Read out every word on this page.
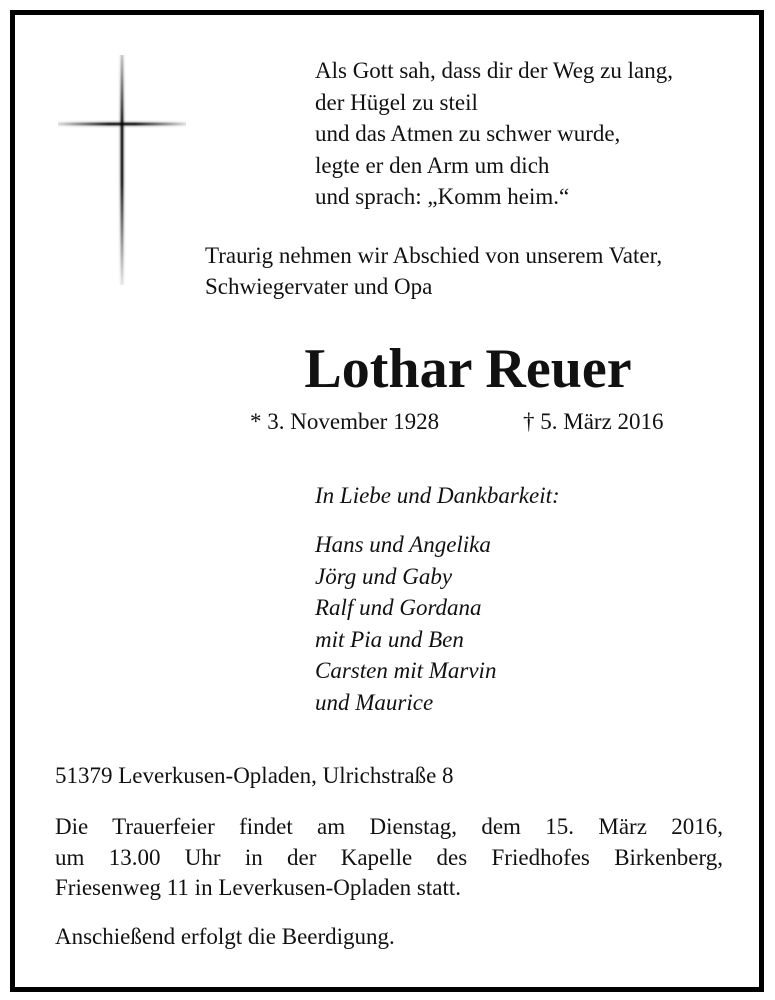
Als Gott sah, dass dir der Weg zu lang,
der Hügel zu steil
und das Atmen zu schwer wurde,
legte er den Arm um dich
und sprach: „Komm heim.“
Traurig nehmen wir Abschied von unserem Vater,
Schwiegervater und Opa
Lothar Reuer
* 3. November 1928	† 5. März 2016
In Liebe und Dankbarkeit:
Hans und Angelika
Jörg und Gaby
Ralf und Gordana
mit Pia und Ben
Carsten mit Marvin
und Maurice
51379 Leverkusen-Opladen, Ulrichstraße 8
Die Trauerfeier findet am Dienstag, dem 15. März 2016,
um 13.00 Uhr in der Kapelle des Friedhofes Birkenberg,
Friesenweg 11 in Leverkusen-Opladen statt.
Anschießend erfolgt die Beerdigung.
